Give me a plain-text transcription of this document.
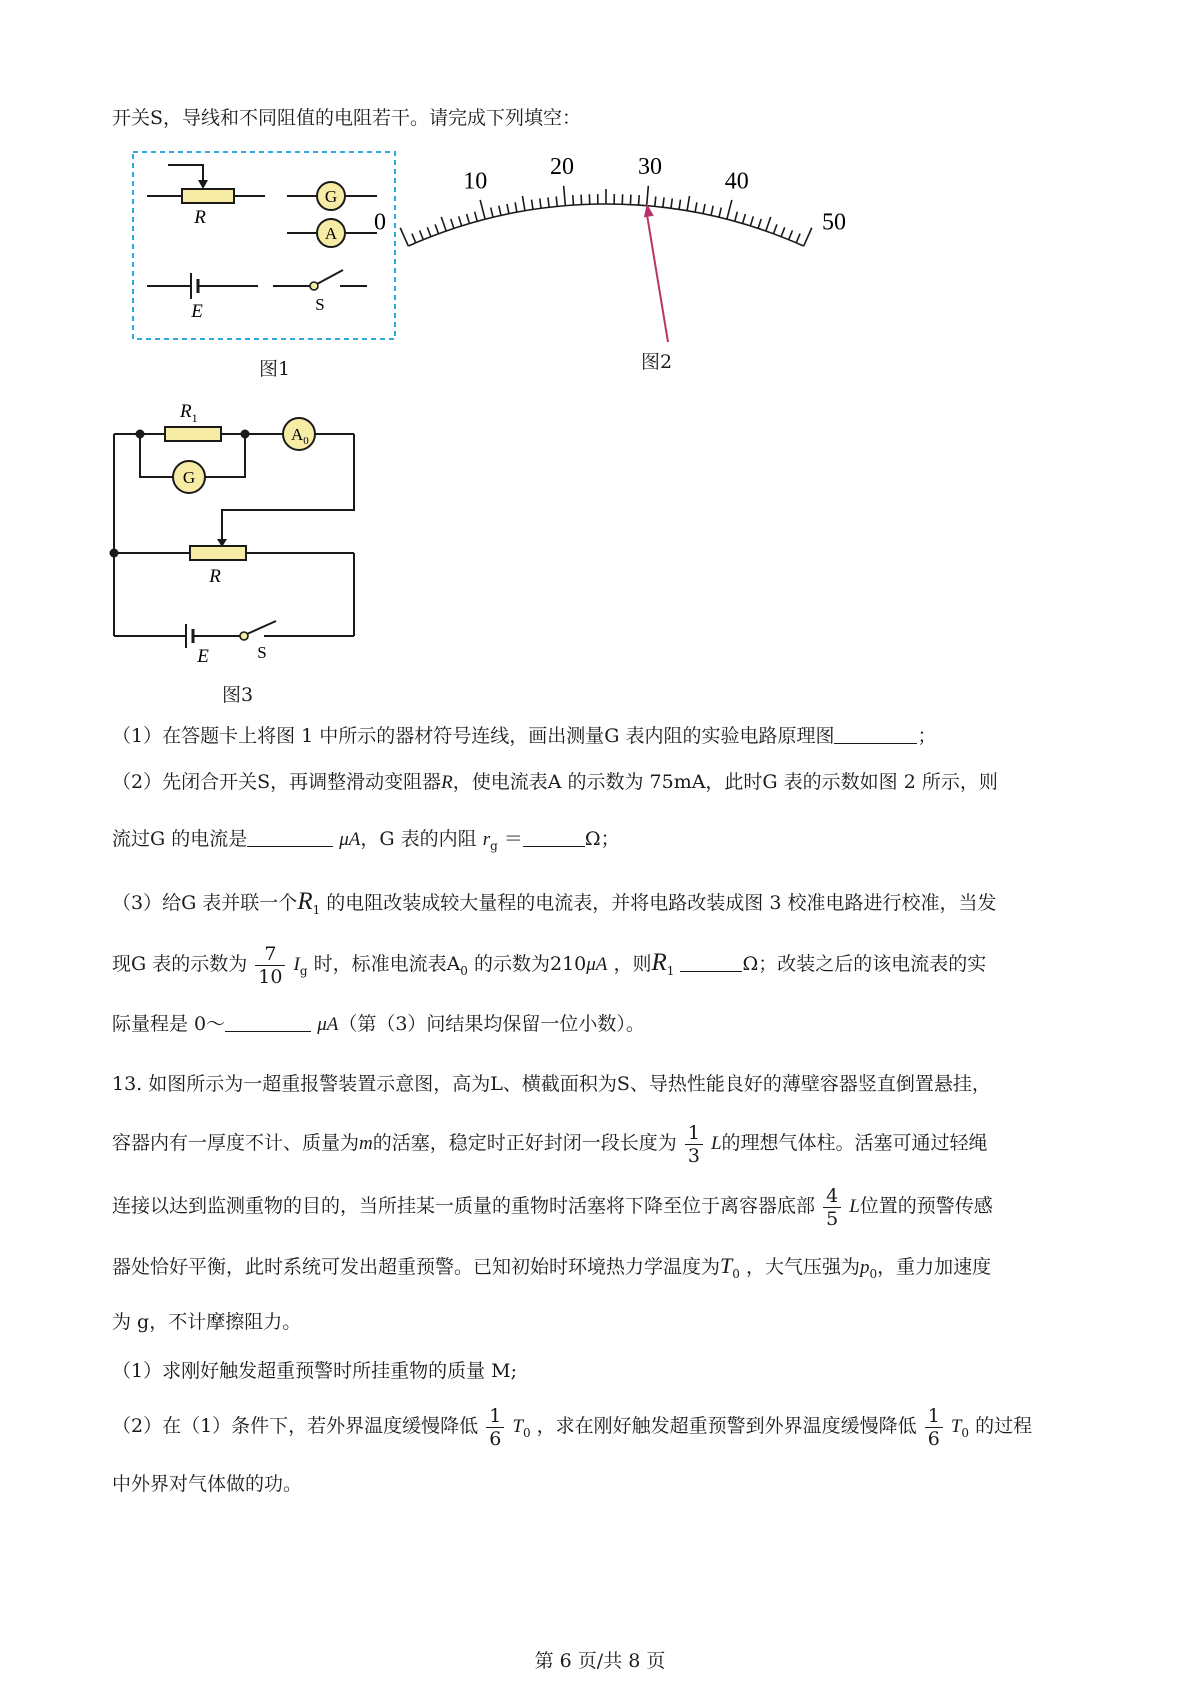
开关S，导线和不同阻值的电阻若干。请完成下列填空：
R
G
A
E	S
图1
0
10
20	30
40
50
图2
$R_1$
$A_0$
G
R
E	S
图3
（1）在答题卡上将图 1 中所示的器材符号连线，画出测量G 表内阻的实验电路原理图	；
（2）先闭合开关S，再调整滑动变阻器R，使电流表A 的示数为 75mA，此时G 表的示数如图 2 所示，则
流过G 的电流是	μA，G 表的内阻 $r_g$ ＝	Ω；
（3）给G 表并联一个$R_1$ 的电阻改装成较大量程的电流表，并将电路改装成图 3 校准电路进行校准，当发
现G 表的示数为 $\frac{7}{10} I_g$ 时，标准电流表$A_0$ 的示数为210μA ，则$R_1$	Ω；改装之后的该电流表的实
际量程是 0～	μA（第（3）问结果均保留一位小数）。
13. 如图所示为一超重报警装置示意图，高为L、横截面积为S、导热性能良好的薄壁容器竖直倒置悬挂，
容器内有一厚度不计、质量为m的活塞，稳定时正好封闭一段长度为 $\frac{1}{3}$ L的理想气体柱。活塞可通过轻绳
连接以达到监测重物的目的，当所挂某一质量的重物时活塞将下降至位于离容器底部 $\frac{4}{5}$ L位置的预警传感
器处恰好平衡，此时系统可发出超重预警。已知初始时环境热力学温度为$T_0$ ，大气压强为$p_0$，重力加速度
为 g，不计摩擦阻力。
（1）求刚好触发超重预警时所挂重物的质量 M;
（2）在（1）条件下，若外界温度缓慢降低 $\frac{1}{6} T_0$ ，求在刚好触发超重预警到外界温度缓慢降低 $\frac{1}{6} T_0$ 的过程
中外界对气体做的功。
第 6 页/共 8 页
